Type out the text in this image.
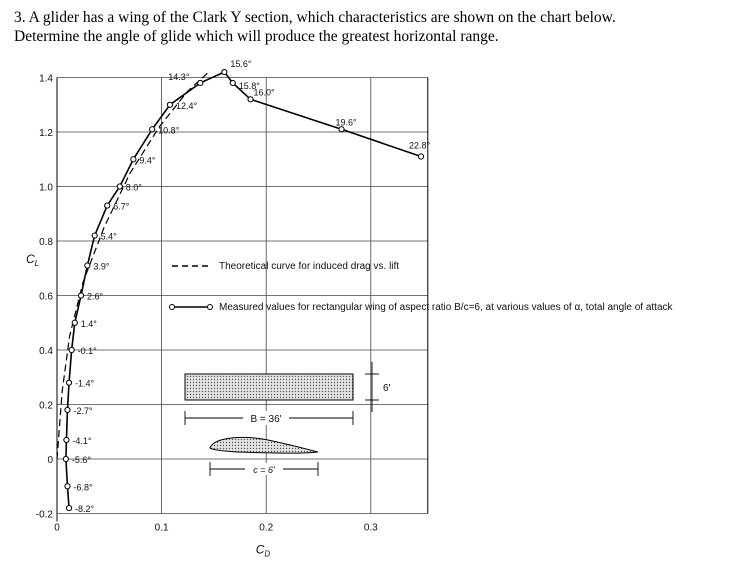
3. A glider has a wing of the Clark Y section, which characteristics are shown on the chart below.
Determine the angle of glide which will produce the greatest horizontal range.
-0.2
0
0.2
0.4
0.6
0.8
1.0
1.2
1.4
0	0.1	0.2	0.3
$C_L$
$C_D$
-8.2°
-6.8°
-5.6°
-4.1°
-2.7°
-1.4°
-0.1°
1.4°
2.6°
3.9°
5.4°
6.7°
8.0°
9.4°
10.8°
12.4°
14.3°
15.6°
15.8°
16.0°
19.6°
22.8°
Theoretical curve for induced drag vs. lift
Measured values for rectangular wing of aspect ratio B/c=6, at various values of α, total angle of attack
B = 36'
6'
c = 6'
